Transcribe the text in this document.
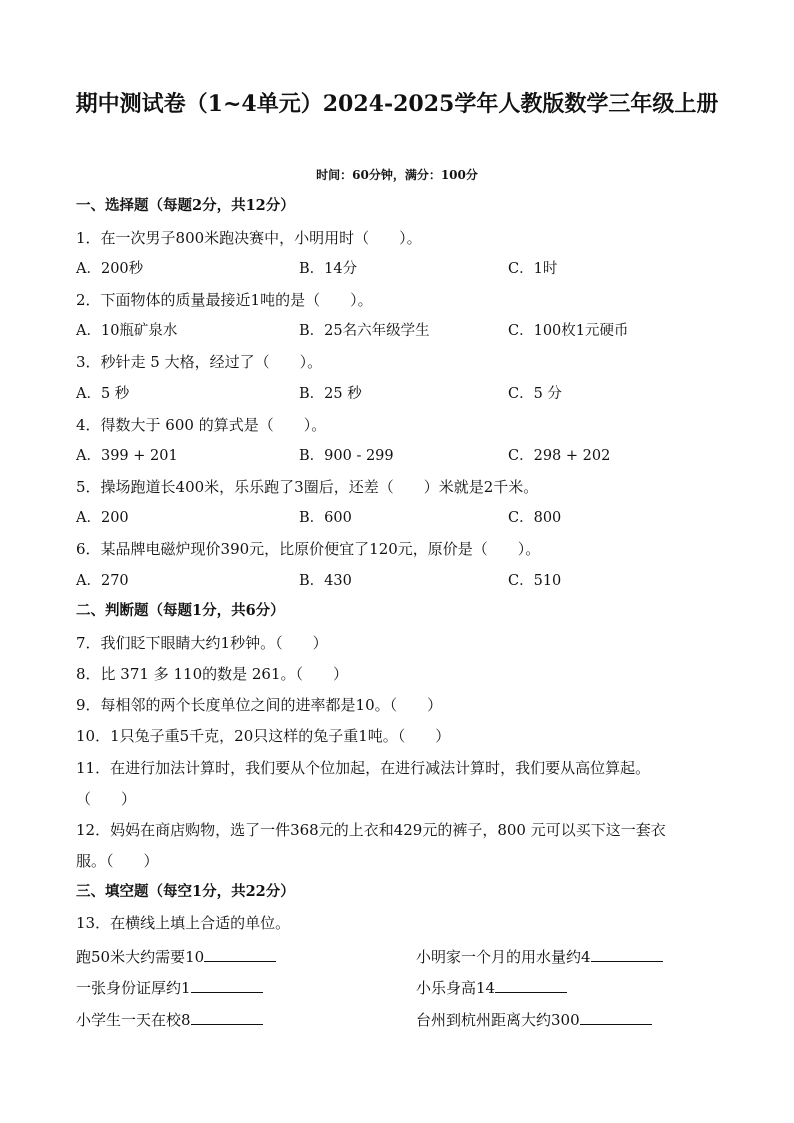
期中测试卷（1~4单元）2024-2025学年人教版数学三年级上册
时间：60分钟，满分：100分
一、选择题（每题2分，共12分）
1．在一次男子800米跑决赛中，小明用时（　　）。
A．200秒	B．14分	C．1时
2．下面物体的质量最接近1吨的是（　　）。
A．10瓶矿泉水	B．25名六年级学生	C．100枚1元硬币
3．秒针走 5 大格，经过了（　　）。
A．5 秒	B．25 秒	C．5 分
4．得数大于 600 的算式是（　　）。
A．399 + 201	B．900 - 299	C．298 + 202
5．操场跑道长400米，乐乐跑了3圈后，还差（　　）米就是2千米。
A．200	B．600	C．800
6．某品牌电磁炉现价390元，比原价便宜了120元，原价是（　　）。
A．270	B．430	C．510
二、判断题（每题1分，共6分）
7．我们眨下眼睛大约1秒钟。（　　）
8．比 371 多 110的数是 261。（　　）
9．每相邻的两个长度单位之间的进率都是10。（　　）
10．1只兔子重5千克，20只这样的兔子重1吨。（　　）
11．在进行加法计算时，我们要从个位加起，在进行减法计算时，我们要从高位算起。
（　　）
12．妈妈在商店购物，选了一件368元的上衣和429元的裤子，800 元可以买下这一套衣
服。（　　）
三、填空题（每空1分，共22分）
13．在横线上填上合适的单位。
跑50米大约需要10	小明家一个月的用水量约4
一张身份证厚约1	小乐身高14
小学生一天在校8	台州到杭州距离大约300
